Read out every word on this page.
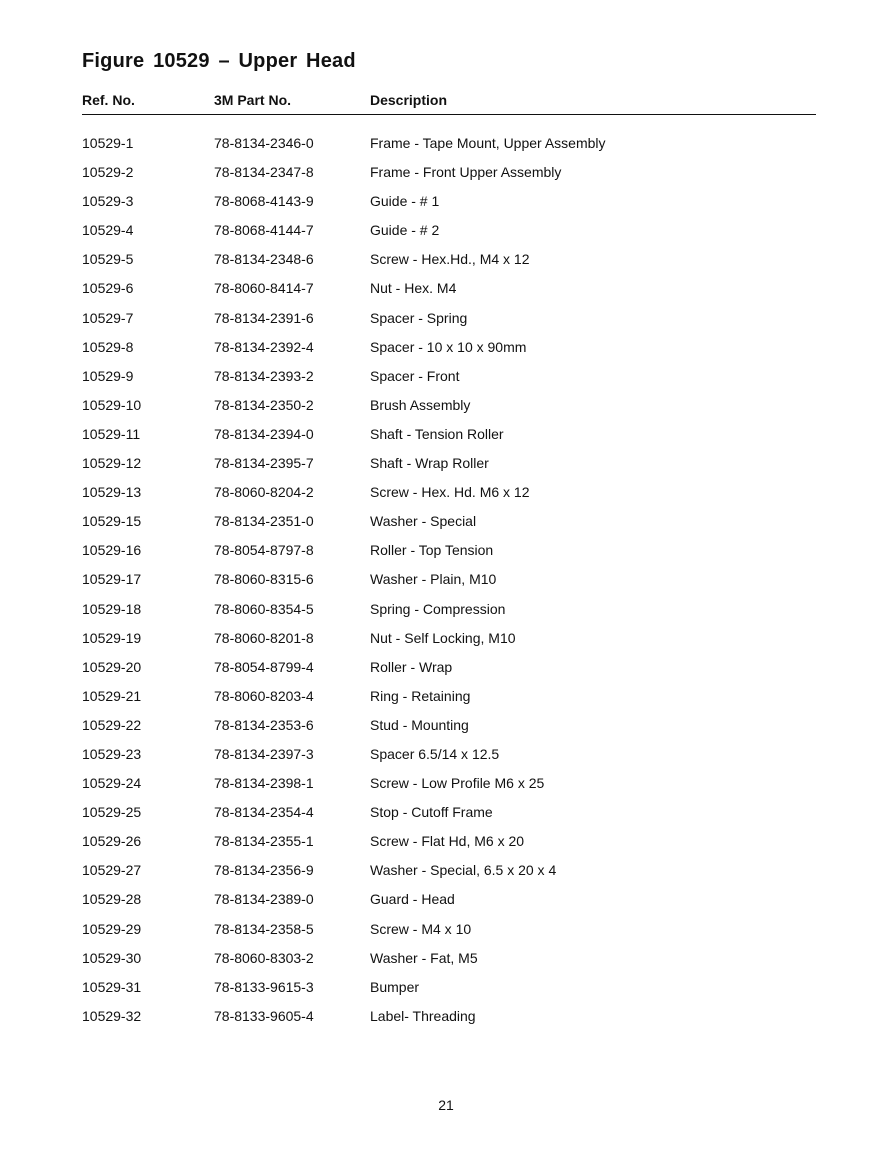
Figure 10529 – Upper Head
Ref. No.	3M Part No.	Description
10529-1	78-8134-2346-0	Frame - Tape Mount, Upper Assembly
10529-2	78-8134-2347-8	Frame - Front Upper Assembly
10529-3	78-8068-4143-9	Guide - # 1
10529-4	78-8068-4144-7	Guide - # 2
10529-5	78-8134-2348-6	Screw - Hex.Hd., M4 x 12
10529-6	78-8060-8414-7	Nut - Hex. M4
10529-7	78-8134-2391-6	Spacer - Spring
10529-8	78-8134-2392-4	Spacer - 10 x 10 x 90mm
10529-9	78-8134-2393-2	Spacer - Front
10529-10	78-8134-2350-2	Brush Assembly
10529-11	78-8134-2394-0	Shaft - Tension Roller
10529-12	78-8134-2395-7	Shaft - Wrap Roller
10529-13	78-8060-8204-2	Screw - Hex. Hd. M6 x 12
10529-15	78-8134-2351-0	Washer - Special
10529-16	78-8054-8797-8	Roller - Top Tension
10529-17	78-8060-8315-6	Washer - Plain, M10
10529-18	78-8060-8354-5	Spring - Compression
10529-19	78-8060-8201-8	Nut - Self Locking, M10
10529-20	78-8054-8799-4	Roller - Wrap
10529-21	78-8060-8203-4	Ring - Retaining
10529-22	78-8134-2353-6	Stud - Mounting
10529-23	78-8134-2397-3	Spacer 6.5/14 x 12.5
10529-24	78-8134-2398-1	Screw - Low Profile M6 x 25
10529-25	78-8134-2354-4	Stop - Cutoff Frame
10529-26	78-8134-2355-1	Screw - Flat Hd, M6 x 20
10529-27	78-8134-2356-9	Washer - Special, 6.5 x 20 x 4
10529-28	78-8134-2389-0	Guard - Head
10529-29	78-8134-2358-5	Screw - M4 x 10
10529-30	78-8060-8303-2	Washer - Fat, M5
10529-31	78-8133-9615-3	Bumper
10529-32	78-8133-9605-4	Label- Threading
21
